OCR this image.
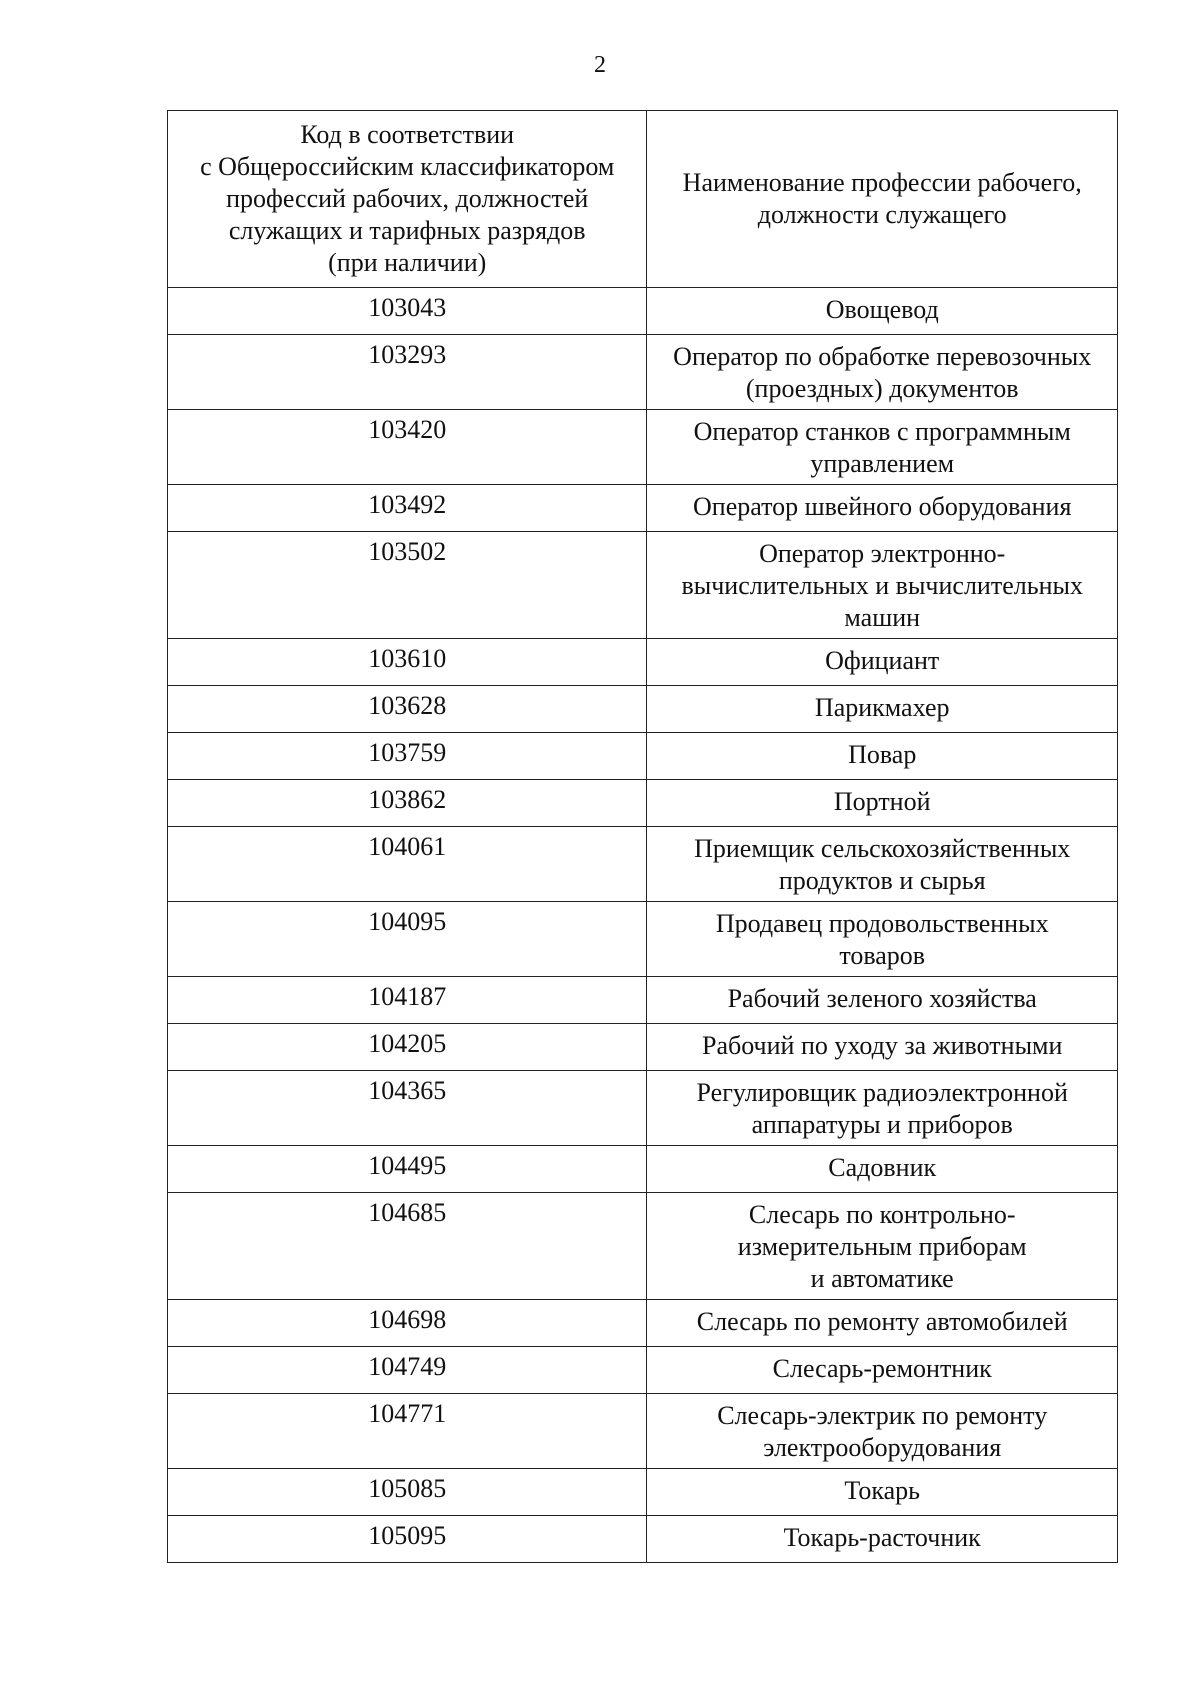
2
Код в соответствии
с Общероссийским классификатором
профессий рабочих, должностей
служащих и тарифных разрядов
(при наличии)	Наименование профессии рабочего,
должности служащего
103043	Овощевод
103293	Оператор по обработке перевозочных
(проездных) документов
103420	Оператор станков с программным
управлением
103492	Оператор швейного оборудования
103502	Оператор электронно-
вычислительных и вычислительных
машин
103610	Официант
103628	Парикмахер
103759	Повар
103862	Портной
104061	Приемщик сельскохозяйственных
продуктов и сырья
104095	Продавец продовольственных
товаров
104187	Рабочий зеленого хозяйства
104205	Рабочий по уходу за животными
104365	Регулировщик радиоэлектронной
аппаратуры и приборов
104495	Садовник
104685	Слесарь по контрольно-
измерительным приборам
и автоматике
104698	Слесарь по ремонту автомобилей
104749	Слесарь-ремонтник
104771	Слесарь-электрик по ремонту
электрооборудования
105085	Токарь
105095	Токарь-расточник
